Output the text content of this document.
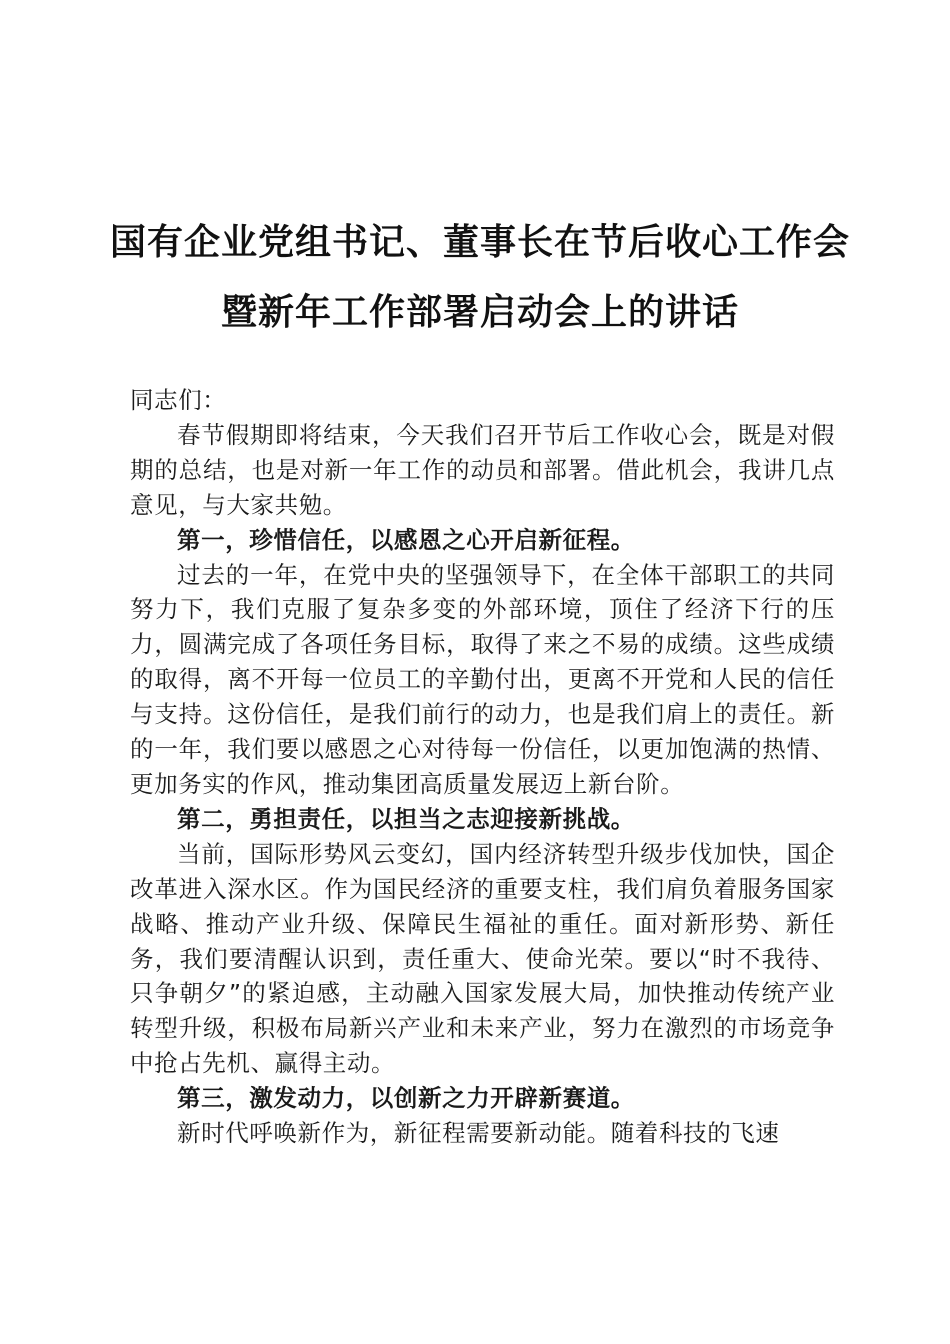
国有企业党组书记、董事长在节后收心工作会
暨新年工作部署启动会上的讲话

同志们：

春节假期即将结束，今天我们召开节后工作收心会，既是对假期的总结，也是对新一年工作的动员和部署。借此机会，我讲几点意见，与大家共勉。

第一，珍惜信任，以感恩之心开启新征程。

过去的一年，在党中央的坚强领导下，在全体干部职工的共同努力下，我们克服了复杂多变的外部环境，顶住了经济下行的压力，圆满完成了各项任务目标，取得了来之不易的成绩。这些成绩的取得，离不开每一位员工的辛勤付出，更离不开党和人民的信任与支持。这份信任，是我们前行的动力，也是我们肩上的责任。新的一年，我们要以感恩之心对待每一份信任，以更加饱满的热情、更加务实的作风，推动集团高质量发展迈上新台阶。

第二，勇担责任，以担当之志迎接新挑战。

当前，国际形势风云变幻，国内经济转型升级步伐加快，国企改革进入深水区。作为国民经济的重要支柱，我们肩负着服务国家战略、推动产业升级、保障民生福祉的重任。面对新形势、新任务，我们要清醒认识到，责任重大、使命光荣。要以“时不我待、只争朝夕”的紧迫感，主动融入国家发展大局，加快推动传统产业转型升级，积极布局新兴产业和未来产业，努力在激烈的市场竞争中抢占先机、赢得主动。

第三，激发动力，以创新之力开辟新赛道。

新时代呼唤新作为，新征程需要新动能。随着科技的飞速
